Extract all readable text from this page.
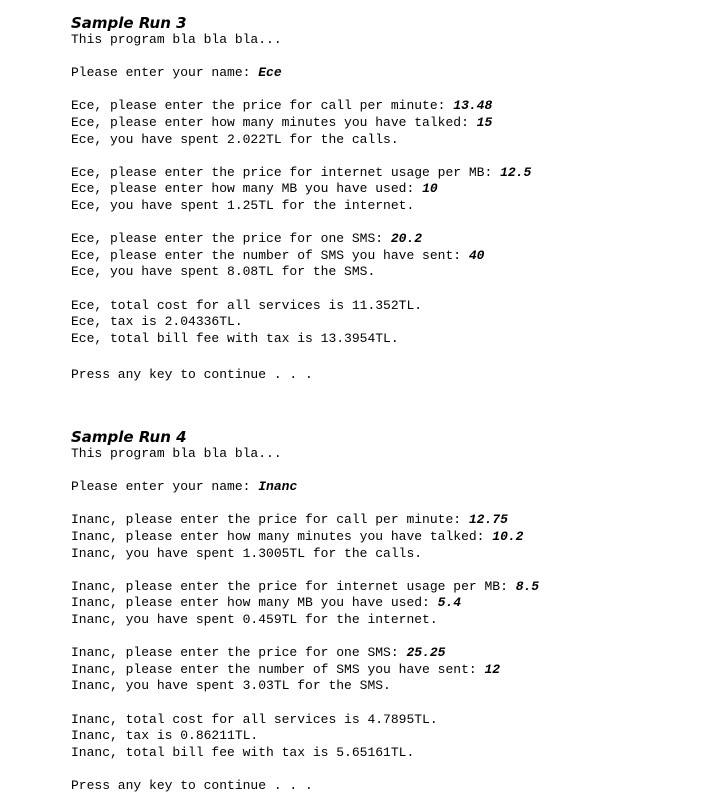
Sample Run 3
This program bla bla bla...
Please enter your name: Ece
Ece, please enter the price for call per minute: 13.48
Ece, please enter how many minutes you have talked: 15
Ece, you have spent 2.022TL for the calls.
Ece, please enter the price for internet usage per MB: 12.5
Ece, please enter how many MB you have used: 10
Ece, you have spent 1.25TL for the internet.
Ece, please enter the price for one SMS: 20.2
Ece, please enter the number of SMS you have sent: 40
Ece, you have spent 8.08TL for the SMS.
Ece, total cost for all services is 11.352TL.
Ece, tax is 2.04336TL.
Ece, total bill fee with tax is 13.3954TL.
Press any key to continue . . .
Sample Run 4
This program bla bla bla...
Please enter your name: Inanc
Inanc, please enter the price for call per minute: 12.75
Inanc, please enter how many minutes you have talked: 10.2
Inanc, you have spent 1.3005TL for the calls.
Inanc, please enter the price for internet usage per MB: 8.5
Inanc, please enter how many MB you have used: 5.4
Inanc, you have spent 0.459TL for the internet.
Inanc, please enter the price for one SMS: 25.25
Inanc, please enter the number of SMS you have sent: 12
Inanc, you have spent 3.03TL for the SMS.
Inanc, total cost for all services is 4.7895TL.
Inanc, tax is 0.86211TL.
Inanc, total bill fee with tax is 5.65161TL.
Press any key to continue . . .
